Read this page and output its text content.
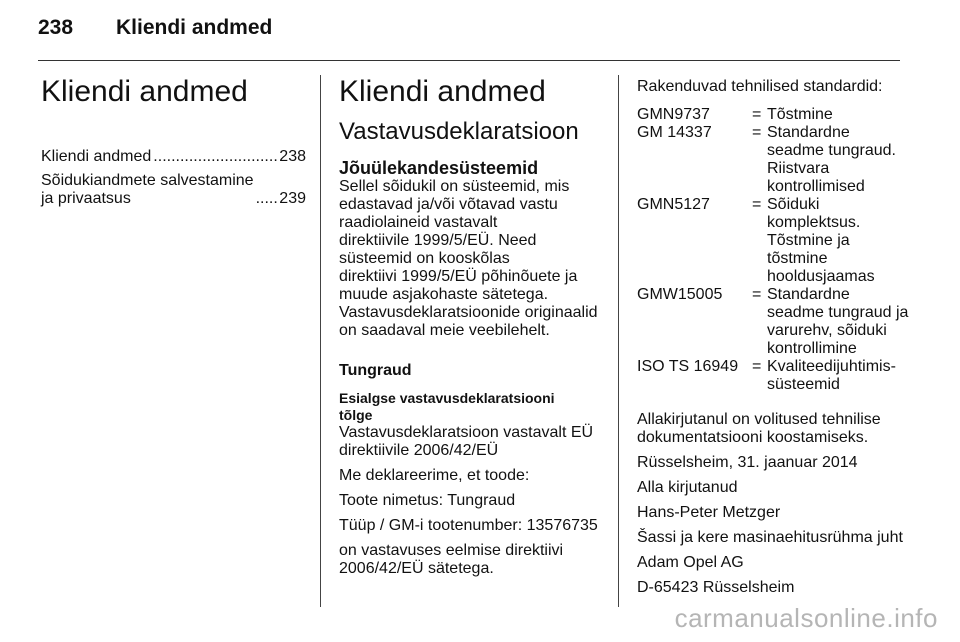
238 Kliendi andmed
Kliendi andmed
Kliendi andmed .....	238
Sõidukiandmete salvestamine
ja privaatsus .....	239
Kliendi andmed
Vastavusdeklaratsioon
Jõuülekandesüsteemid

Sellel sõidukil on süsteemid, mis
edastavad ja/või võtavad vastu
raadiolaineid vastavalt
direktiivile 1999/5/EÜ. Need
süsteemid on kooskõlas
direktiivi 1999/5/EÜ põhinõuete ja
muude asjakohaste sätetega.
Vastavusdeklaratsioonide originaalid
on saadaval meie veebilehelt.

Tungraud
Esialgse vastavusdeklaratsiooni
tõlge

Vastavusdeklaratsioon vastavalt EÜ
direktiivile 2006/42/EÜ

Me deklareerime, et toode:

Toote nimetus: Tungraud

Tüüp / GM-i tootenumber: 13576735

on vastavuses eelmise direktiivi
2006/42/EÜ sätetega.

Rakenduvad tehnilised standardid:

GMN9737	=	Tõstmine
GM 14337	=	Standardne
seadme tungraud.
Riistvara
kontrollimised
GMN5127	=	Sõiduki
komplektsus.
Tõstmine ja
tõstmine
hooldusjaamas
GMW15005	=	Standardne
seadme tungraud ja
varurehv, sõiduki
kontrollimine
ISO TS 16949	=	Kvaliteedijuhtimis-
süsteemid

Allakirjutanul on volitused tehnilise
dokumentatsiooni koostamiseks.

Rüsselsheim, 31. jaanuar 2014

Alla kirjutanud

Hans-Peter Metzger

Šassi ja kere masinaehitusrühma juht

Adam Opel AG

D-65423 Rüsselsheim

carmanualsonline.info
